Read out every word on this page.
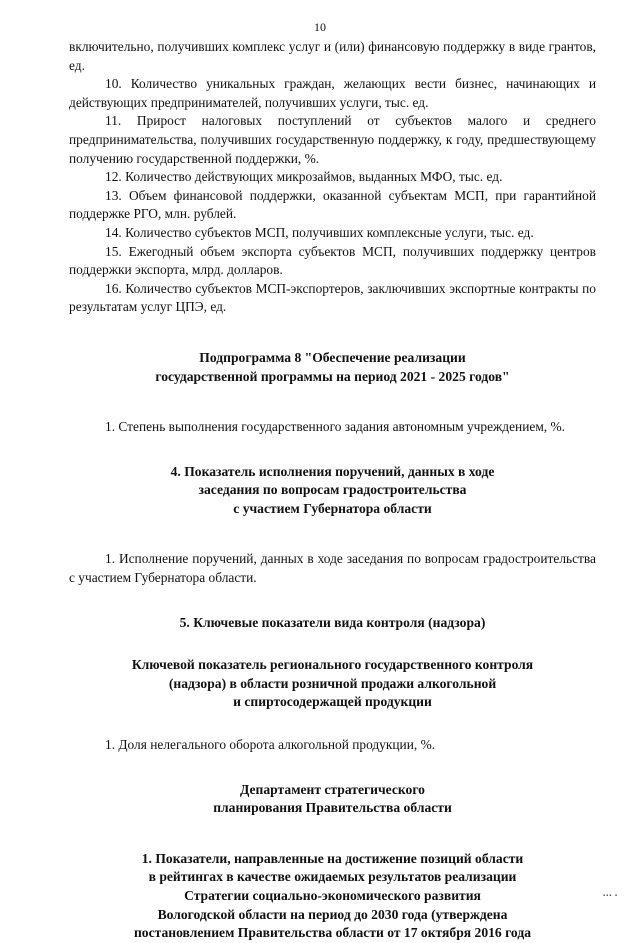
10

включительно, получивших комплекс услуг и (или) финансовую поддержку в виде грантов, ед.

10. Количество уникальных граждан, желающих вести бизнес, начинающих и действующих предпринимателей, получивших услуги, тыс. ед.

11. Прирост налоговых поступлений от субъектов малого и среднего предпринимательства, получивших государственную поддержку, к году, предшествующему получению государственной поддержки, %.

12. Количество действующих микрозаймов, выданных МФО, тыс. ед.

13. Объем финансовой поддержки, оказанной субъектам МСП, при гарантийной поддержке РГО, млн. рублей.

14. Количество субъектов МСП, получивших комплексные услуги, тыс. ед.

15. Ежегодный объем экспорта субъектов МСП, получивших поддержку центров поддержки экспорта, млрд. долларов.

16. Количество субъектов МСП-экспортеров, заключивших экспортные контракты по результатам услуг ЦПЭ, ед.

Подпрограмма 8 "Обеспечение реализации
государственной программы на период 2021 - 2025 годов"

1. Степень выполнения государственного задания автономным учреждением, %.

4. Показатель исполнения поручений, данных в ходе
заседания по вопросам градостроительства
с участием Губернатора области

1. Исполнение поручений, данных в ходе заседания по вопросам градостроительства с участием Губернатора области.

5. Ключевые показатели вида контроля (надзора)
Ключевой показатель регионального государственного контроля
(надзора) в области розничной продажи алкогольной
и спиртосодержащей продукции

1. Доля нелегального оборота алкогольной продукции, %.

Департамент стратегического
планирования Правительства области
1. Показатели, направленные на достижение позиций области
в рейтингах в качестве ожидаемых результатов реализации
Стратегии социально-экономического развития
Вологодской области на период до 2030 года (утверждена
постановлением Правительства области от 17 октября 2016 года
▪▪▪ ▪
